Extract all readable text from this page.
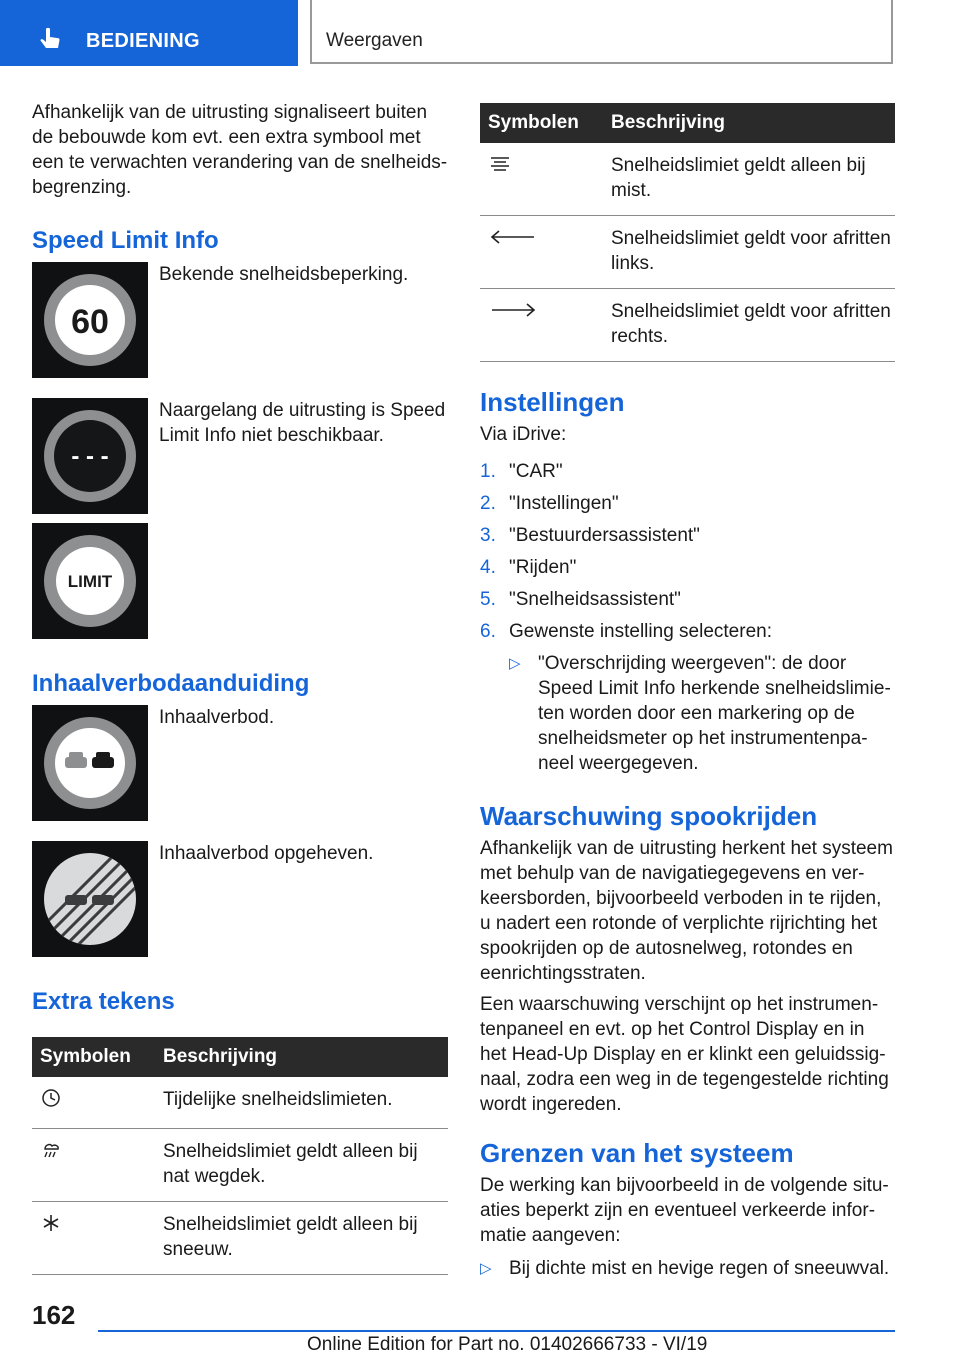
BEDIENING	Weergaven

Afhankelijk van de uitrusting signaliseert buiten de bebouwde kom evt. een extra symbool met een te verwachten verandering van de snelheidsbegrenzing.

Speed Limit Info
60
Bekende snelheidsbeperking.
- - -
Naargelang de uitrusting is Speed Limit Info niet beschikbaar.
LIMIT
Inhaalverbodaanduiding
Inhaalverbod.
Inhaalverbod opgeheven.
Extra tekens
Symbolen	Beschrijving
	Tijdelijke snelheidslimieten.
	Snelheidslimiet geldt alleen bij nat wegdek.
	Snelheidslimiet geldt alleen bij sneeuw.
Symbolen	Beschrijving
	Snelheidslimiet geldt alleen bij mist.
	Snelheidslimiet geldt voor afritten links.
	Snelheidslimiet geldt voor afritten rechts.
Instellingen

Via iDrive:

1. "CAR"
2. "Instellingen"
3. "Bestuurdersassistent"
4. "Rijden"
5. "Snelheidsassistent"
6. Gewenste instelling selecteren:
▷ "Overschrijding weergeven": de door Speed Limit Info herkende snelheidslimieten worden door een markering op de snelheidsmeter op het instrumentenpaneel weergegeven.
Waarschuwing spookrijden

Afhankelijk van de uitrusting herkent het systeem met behulp van de navigatiegegevens en verkeersborden, bijvoorbeeld verboden in te rijden, u nadert een rotonde of verplichte rijrichting het spookrijden op de autosnelweg, rotondes en eenrichtingsstraten.

Een waarschuwing verschijnt op het instrumentenpaneel en evt. op het Control Display en in het Head-Up Display en er klinkt een geluidssignaal, zodra een weg in de tegengestelde richting wordt ingereden.

Grenzen van het systeem

De werking kan bijvoorbeeld in de volgende situaties beperkt zijn en eventueel verkeerde informatie aangeven:

▷ Bij dichte mist en hevige regen of sneeuwval.
162
Online Edition for Part no. 01402666733 - VI/19
